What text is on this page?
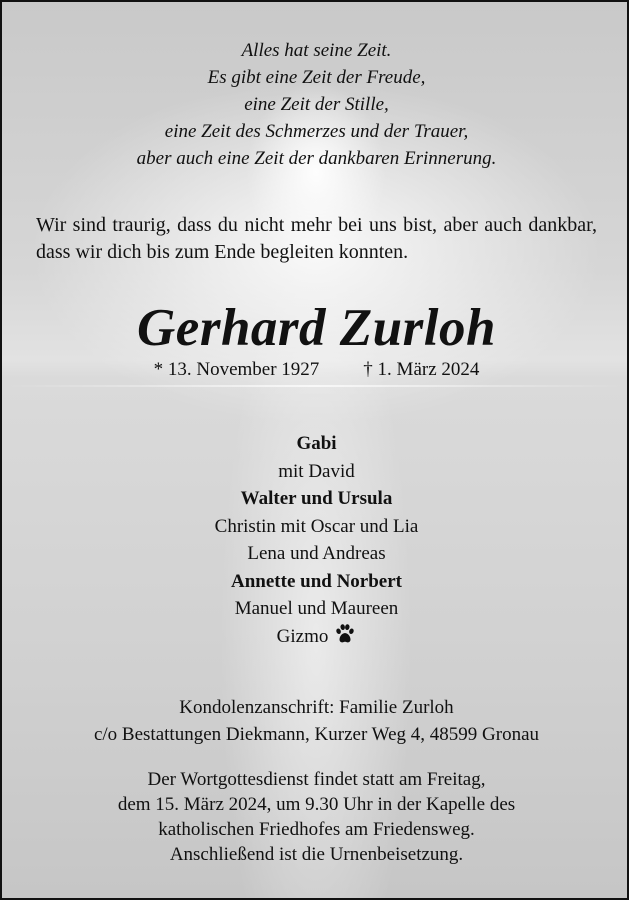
Alles hat seine Zeit.
Es gibt eine Zeit der Freude,
eine Zeit der Stille,
eine Zeit des Schmerzes und der Trauer,
aber auch eine Zeit der dankbaren Erinnerung.
Wir sind traurig, dass du nicht mehr bei uns bist, aber auch dankbar, dass wir dich bis zum Ende begleiten konnten.
Gerhard Zurloh
* 13. November 1927 † 1. März 2024
Gabi
mit David
Walter und Ursula
Christin mit Oscar und Lia
Lena und Andreas
Annette und Norbert
Manuel und Maureen
Gizmo
Kondolenzanschrift: Familie Zurloh
c/o Bestattungen Diekmann, Kurzer Weg 4, 48599 Gronau
Der Wortgottesdienst findet statt am Freitag,
dem 15. März 2024, um 9.30 Uhr in der Kapelle des
katholischen Friedhofes am Friedensweg.
Anschließend ist die Urnenbeisetzung.
